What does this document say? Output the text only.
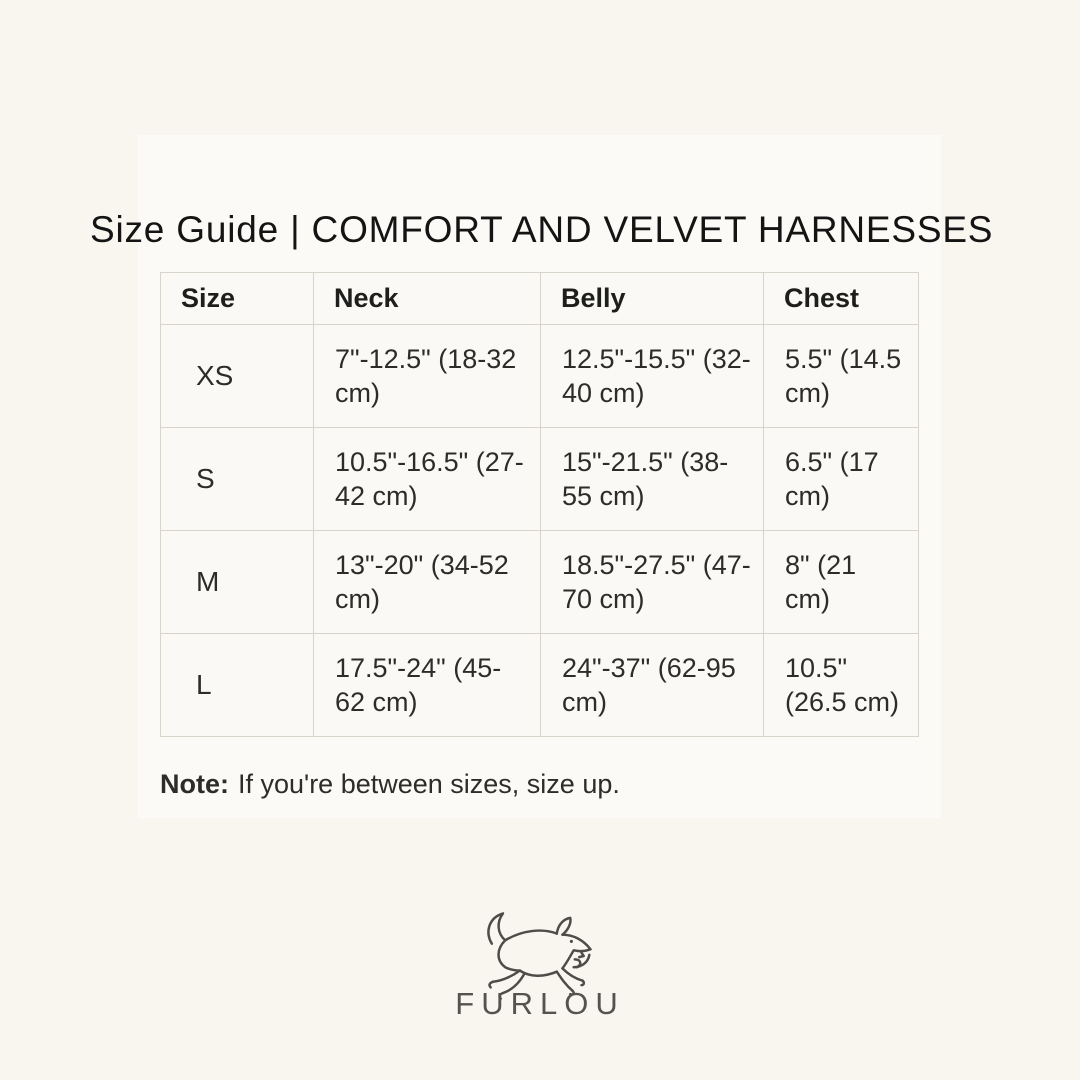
Size Guide | COMFORT AND VELVET HARNESSES
Size	Neck	Belly	Chest
XS	7"-12.5" (18-32 cm)	12.5"-15.5" (32-40 cm)	5.5" (14.5 cm)
S	10.5"-16.5" (27-42 cm)	15"-21.5" (38-55 cm)	6.5" (17 cm)
M	13"-20" (34-52 cm)	18.5"-27.5" (47-70 cm)	8" (21 cm)
L	17.5"-24" (45-62 cm)	24"-37" (62-95 cm)	10.5" (26.5 cm)
Note: If you're between sizes, size up.
FURLOU
